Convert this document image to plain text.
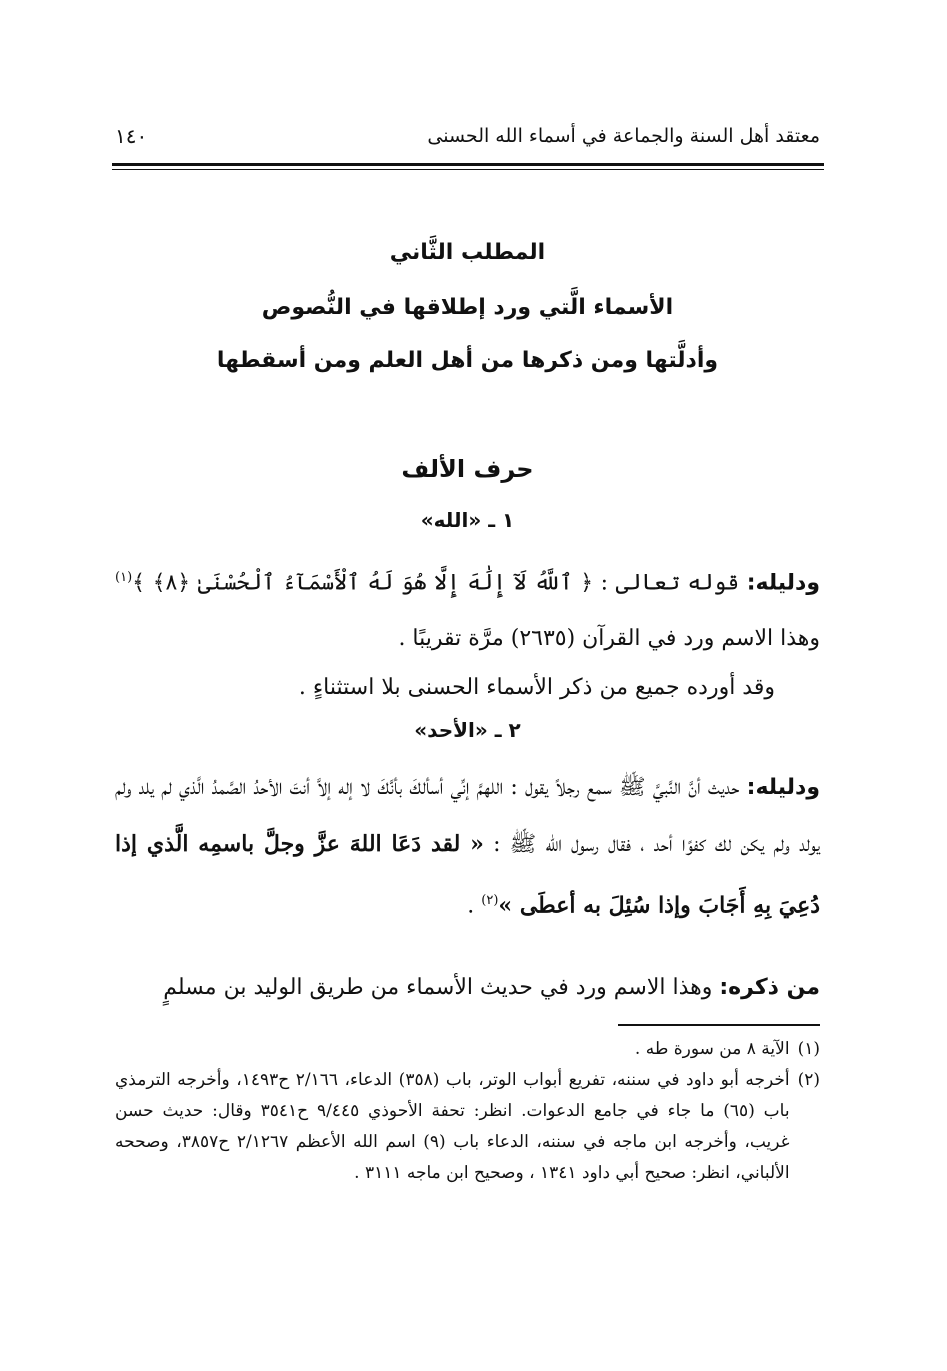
١٤٠	معتقد أهل السنة والجماعة في أسماء الله الحسنى
المطلب الثَّاني
الأسماء الَّتي ورد إطلاقها في النُّصوص
وأدلَّتها ومن ذكرها من أهل العلم ومن أسقطها
حرف الألف
١ ـ «الله»
ودليله: قوله تعالى : ﴿ ٱللَّهُ لَآ إِلَٰهَ إِلَّا هُوَ لَهُ ٱلْأَسْمَآءُ ٱلْحُسْنَىٰ ﴿٨﴾ ﴾$^{(١)}$ وهذا الاسم ورد في القرآن (٢٦٣٥) مرَّة تقريبًا .
وقد أورده جميع من ذكر الأسماء الحسنى بلا استثناءٍ .
٢ ـ «الأحد»
ودليله: حديث أنَّ النَّبيَّ ﷺ سمع رجلاً يقول : اللهمَّ إنِّي أسألكَ بأنَّكَ لا إله إلاَّ أنتَ الأحدُ الصَّمدُ الَّذي لم يلد ولم يولد ولم يكن لك كفوًا أحد ، فقال رسول الله ﷺ : « لقد دَعَا اللهَ عزَّ وجلَّ باسمِه الَّذي إذا دُعِيَ بِهِ أَجَابَ وإذا سُئِلَ به أعطَى »$^{(٢)}$ .
من ذكره: وهذا الاسم ورد في حديث الأسماء من طريق الوليد بن مسلمٍ
(١)
الآية ٨ من سورة طه .
(٢)
أخرجه أبو داود في سننه، تفريع أبواب الوتر، باب (٣٥٨) الدعاء، ٢/١٦٦ ح١٤٩٣، وأخرجه الترمذي باب (٦٥) ما جاء في جامع الدعوات. انظر: تحفة الأحوذي ٩/٤٤٥ ح٣٥٤١ وقال: حديث حسن غريب، وأخرجه ابن ماجه في سننه، الدعاء باب (٩) اسم الله الأعظم ٢/١٢٦٧ ح٣٨٥٧، وصححه الألباني، انظر: صحيح أبي داود ١٣٤١ ، وصحيح ابن ماجه ٣١١١ .
